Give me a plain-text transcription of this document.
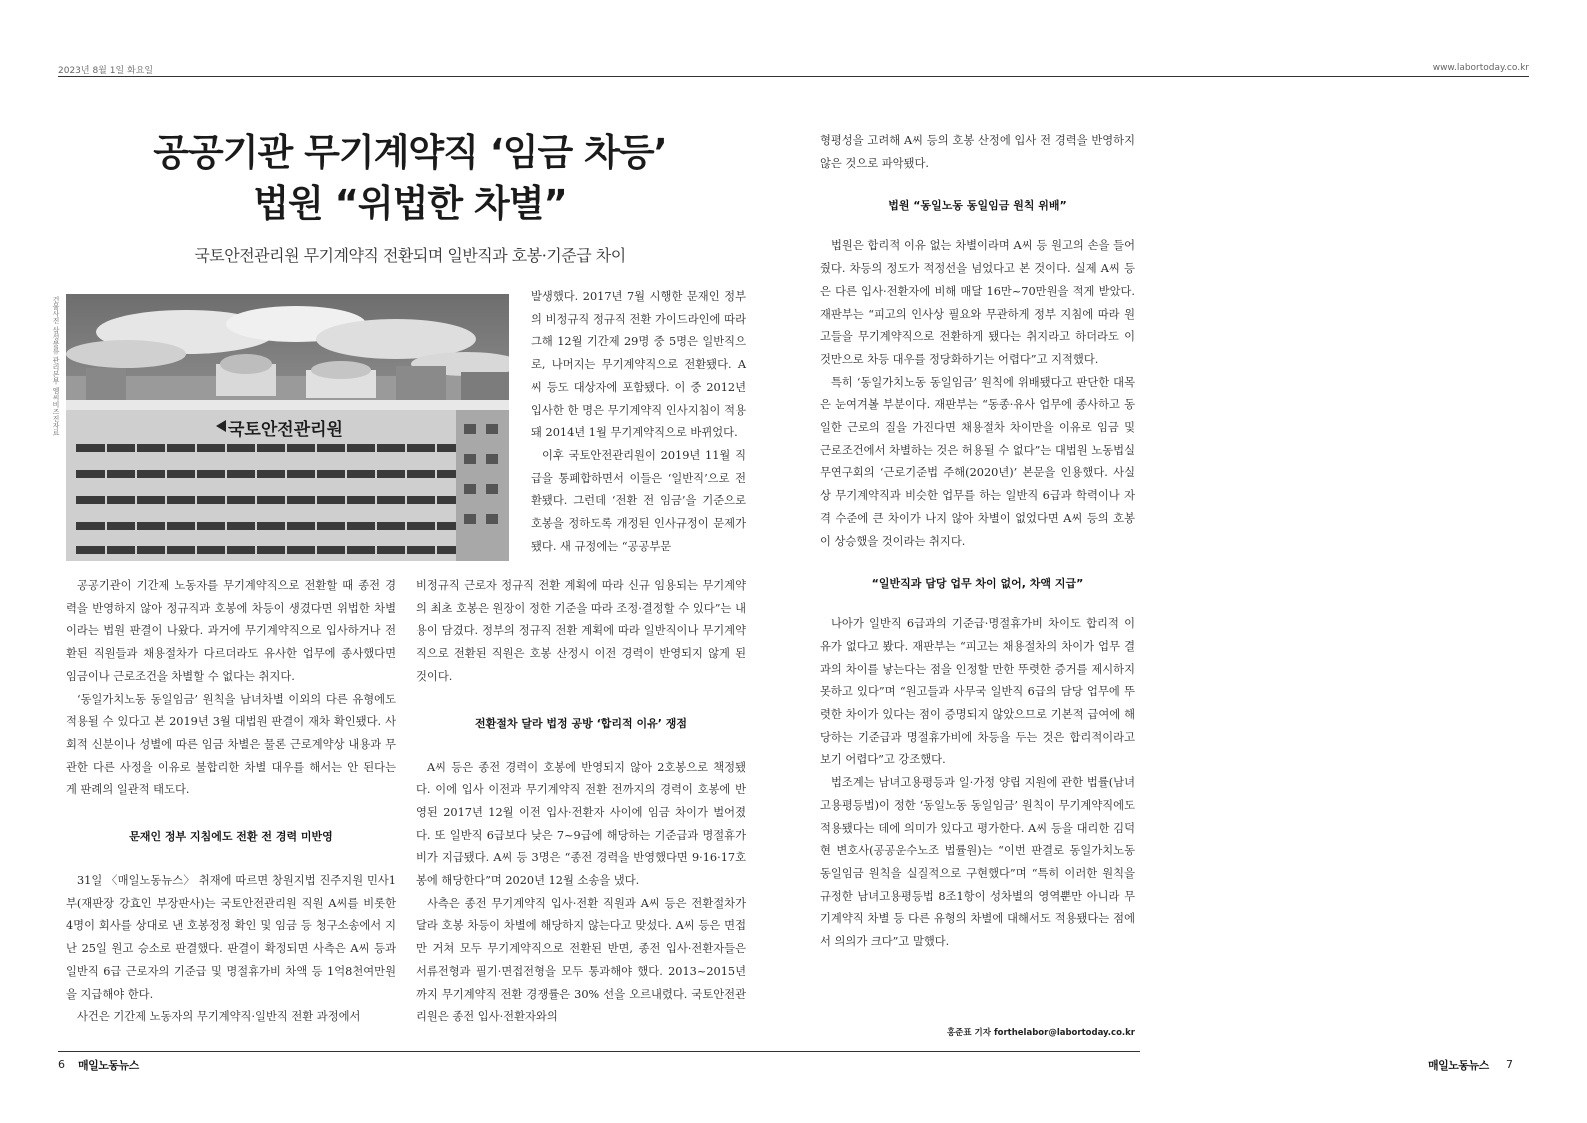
2023년 8월 1일 화요일	www.labortoday.co.kr
공공기관 무기계약직 ‘임금 차등’
법원 “위법한 차별”
국토안전관리원 무기계약직 전환되며 일반직과 호봉·기준급 차이
건물사진 삼성물류 관리본부 엠씨비즈진자료	국토안전관리원

공공기관이 기간제 노동자를 무기계약직으로 전환할 때 종전 경력을 반영하지 않아 정규직과 호봉에 차등이 생겼다면 위법한 차별이라는 법원 판결이 나왔다. 과거에 무기계약직으로 입사하거나 전환된 직원들과 채용절차가 다르더라도 유사한 업무에 종사했다면 임금이나 근로조건을 차별할 수 없다는 취지다.

‘동일가치노동 동일임금’ 원칙을 남녀차별 이외의 다른 유형에도 적용될 수 있다고 본 2019년 3월 대법원 판결이 재차 확인됐다. 사회적 신분이나 성별에 따른 임금 차별은 물론 근로계약상 내용과 무관한 다른 사정을 이유로 불합리한 차별 대우를 해서는 안 된다는 게 판례의 일관적 태도다.

문재인 정부 지침에도 전환 전 경력 미반영

31일 〈매일노동뉴스〉 취재에 따르면 창원지법 진주지원 민사1부(재판장 강효인 부장판사)는 국토안전관리원 직원 A씨를 비롯한 4명이 회사를 상대로 낸 호봉정정 확인 및 임금 등 청구소송에서 지난 25일 원고 승소로 판결했다. 판결이 확정되면 사측은 A씨 등과 일반직 6급 근로자의 기준급 및 명절휴가비 차액 등 1억8천여만원을 지급해야 한다.

사건은 기간제 노동자의 무기계약직·일반직 전환 과정에서

발생했다. 2017년 7월 시행한 문재인 정부의 비정규직 정규직 전환 가이드라인에 따라 그해 12월 기간제 29명 중 5명은 일반직으로, 나머지는 무기계약직으로 전환됐다. A씨 등도 대상자에 포함됐다. 이 중 2012년 입사한 한 명은 무기계약직 인사지침이 적용돼 2014년 1월 무기계약직으로 바뀌었다.

이후 국토안전관리원이 2019년 11월 직급을 통폐합하면서 이들은 ‘일반직’으로 전환됐다. 그런데 ‘전환 전 임금’을 기준으로 호봉을 정하도록 개정된 인사규정이 문제가 됐다. 새 규정에는 “공공부문

비정규직 근로자 정규직 전환 계획에 따라 신규 임용되는 무기계약의 최초 호봉은 원장이 정한 기준을 따라 조정·결정할 수 있다”는 내용이 담겼다. 정부의 정규직 전환 계획에 따라 일반직이나 무기계약직으로 전환된 직원은 호봉 산정시 이전 경력이 반영되지 않게 된 것이다.

전환절차 달라 법정 공방 ‘합리적 이유’ 쟁점

A씨 등은 종전 경력이 호봉에 반영되지 않아 2호봉으로 책정됐다. 이에 입사 이전과 무기계약직 전환 전까지의 경력이 호봉에 반영된 2017년 12월 이전 입사·전환자 사이에 임금 차이가 벌어졌다. 또 일반직 6급보다 낮은 7~9급에 해당하는 기준급과 명절휴가비가 지급됐다. A씨 등 3명은 “종전 경력을 반영했다면 9·16·17호봉에 해당한다”며 2020년 12월 소송을 냈다.

사측은 종전 무기계약직 입사·전환 직원과 A씨 등은 전환절차가 달라 호봉 차등이 차별에 해당하지 않는다고 맞섰다. A씨 등은 면접만 거쳐 모두 무기계약직으로 전환된 반면, 종전 입사·전환자들은 서류전형과 필기·면접전형을 모두 통과해야 했다. 2013~2015년까지 무기계약직 전환 경쟁률은 30% 선을 오르내렸다. 국토안전관리원은 종전 입사·전환자와의

형평성을 고려해 A씨 등의 호봉 산정에 입사 전 경력을 반영하지 않은 것으로 파악됐다.

법원 “동일노동 동일임금 원칙 위배”

법원은 합리적 이유 없는 차별이라며 A씨 등 원고의 손을 들어줬다. 차등의 정도가 적정선을 넘었다고 본 것이다. 실제 A씨 등은 다른 입사·전환자에 비해 매달 16만~70만원을 적게 받았다. 재판부는 “피고의 인사상 필요와 무관하게 정부 지침에 따라 원고들을 무기계약직으로 전환하게 됐다는 취지라고 하더라도 이것만으로 차등 대우를 정당화하기는 어렵다”고 지적했다.

특히 ‘동일가치노동 동일임금’ 원칙에 위배됐다고 판단한 대목은 눈여겨볼 부분이다. 재판부는 “동종·유사 업무에 종사하고 동일한 근로의 질을 가진다면 채용절차 차이만을 이유로 임금 및 근로조건에서 차별하는 것은 허용될 수 없다”는 대법원 노동법실무연구회의 ‘근로기준법 주해(2020년)’ 본문을 인용했다. 사실상 무기계약직과 비슷한 업무를 하는 일반직 6급과 학력이나 자격 수준에 큰 차이가 나지 않아 차별이 없었다면 A씨 등의 호봉이 상승했을 것이라는 취지다.

“일반직과 담당 업무 차이 없어, 차액 지급”

나아가 일반직 6급과의 기준급·명절휴가비 차이도 합리적 이유가 없다고 봤다. 재판부는 “피고는 채용절차의 차이가 업무 결과의 차이를 낳는다는 점을 인정할 만한 뚜렷한 증거를 제시하지 못하고 있다”며 “원고들과 사무국 일반직 6급의 담당 업무에 뚜렷한 차이가 있다는 점이 증명되지 않았으므로 기본적 급여에 해당하는 기준급과 명절휴가비에 차등을 두는 것은 합리적이라고 보기 어렵다”고 강조했다.

법조계는 남녀고용평등과 일·가정 양립 지원에 관한 법률(남녀고용평등법)이 정한 ‘동일노동 동일임금’ 원칙이 무기계약직에도 적용됐다는 데에 의미가 있다고 평가한다. A씨 등을 대리한 김덕현 변호사(공공운수노조 법률원)는 “이번 판결로 동일가치노동 동일임금 원칙을 실질적으로 구현했다”며 “특히 이러한 원칙을 규정한 남녀고용평등법 8조1항이 성차별의 영역뿐만 아니라 무기계약직 차별 등 다른 유형의 차별에 대해서도 적용됐다는 점에서 의의가 크다”고 말했다.

홍준표 기자 forthelabor@labortoday.co.kr
6 매일노동뉴스	매일노동뉴스 7
